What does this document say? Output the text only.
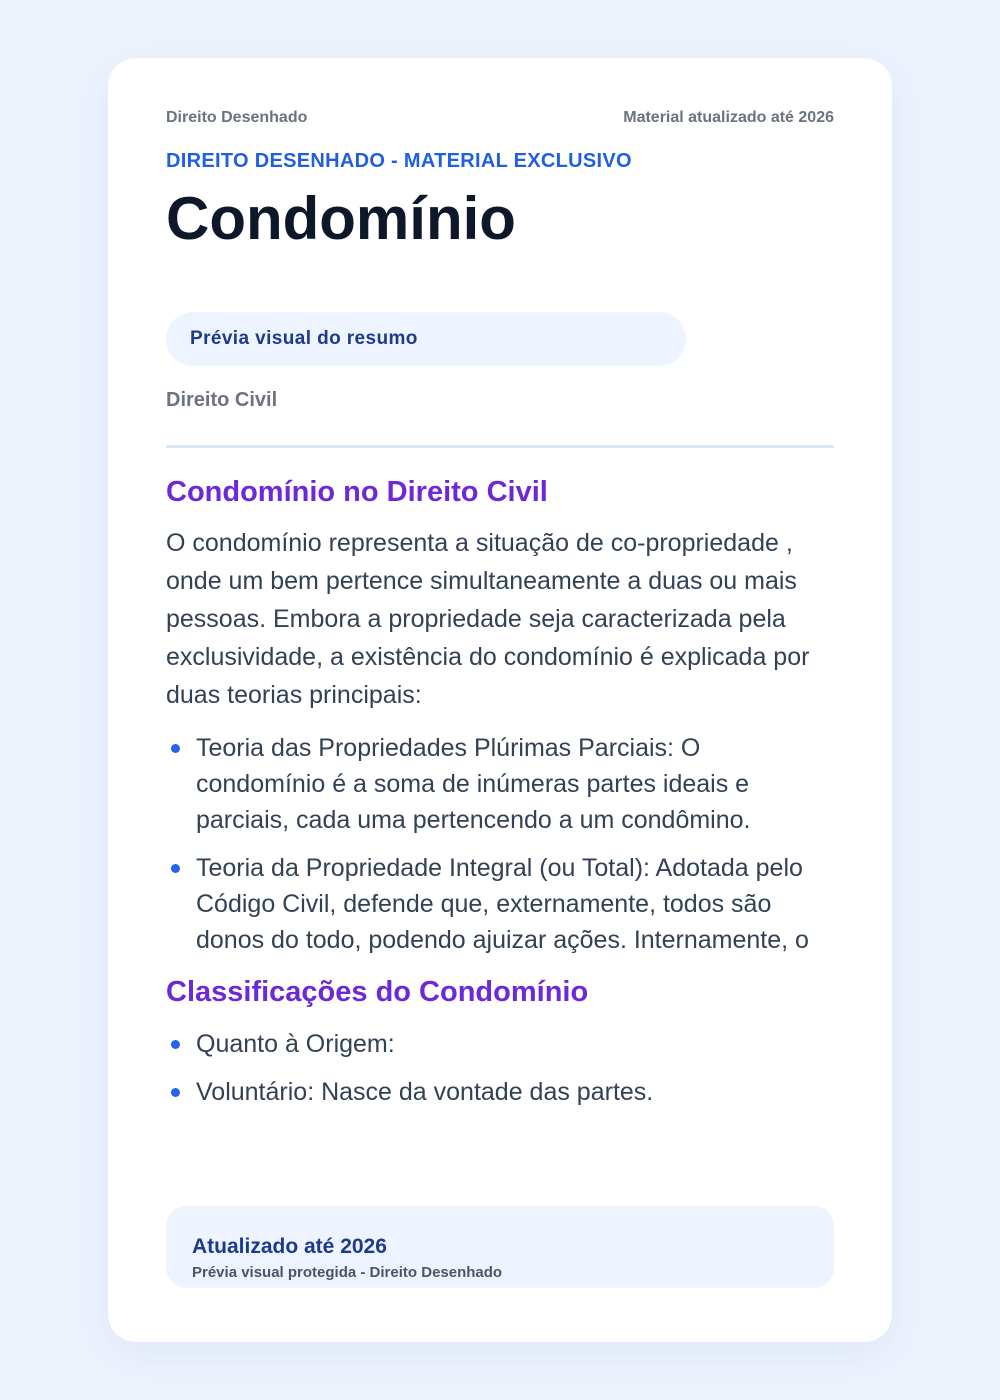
Direito Desenhado	Material atualizado até 2026
DIREITO DESENHADO - MATERIAL EXCLUSIVO
Condomínio
Prévia visual do resumo
Direito Civil
Condomínio no Direito Civil

O condomínio representa a situação de co-propriedade , onde um bem pertence simultaneamente a duas ou mais pessoas. Embora a propriedade seja caracterizada pela exclusividade, a existência do condomínio é explicada por duas teorias principais:

Teoria das Propriedades Plúrimas Parciais: O condomínio é a soma de inúmeras partes ideais e parciais, cada uma pertencendo a um condômino.
Teoria da Propriedade Integral (ou Total): Adotada pelo Código Civil, defende que, externamente, todos são donos do todo, podendo ajuizar ações. Internamente, o
Classificações do Condomínio
Quanto à Origem:
Voluntário: Nasce da vontade das partes.
Atualizado até 2026
Prévia visual protegida - Direito Desenhado
